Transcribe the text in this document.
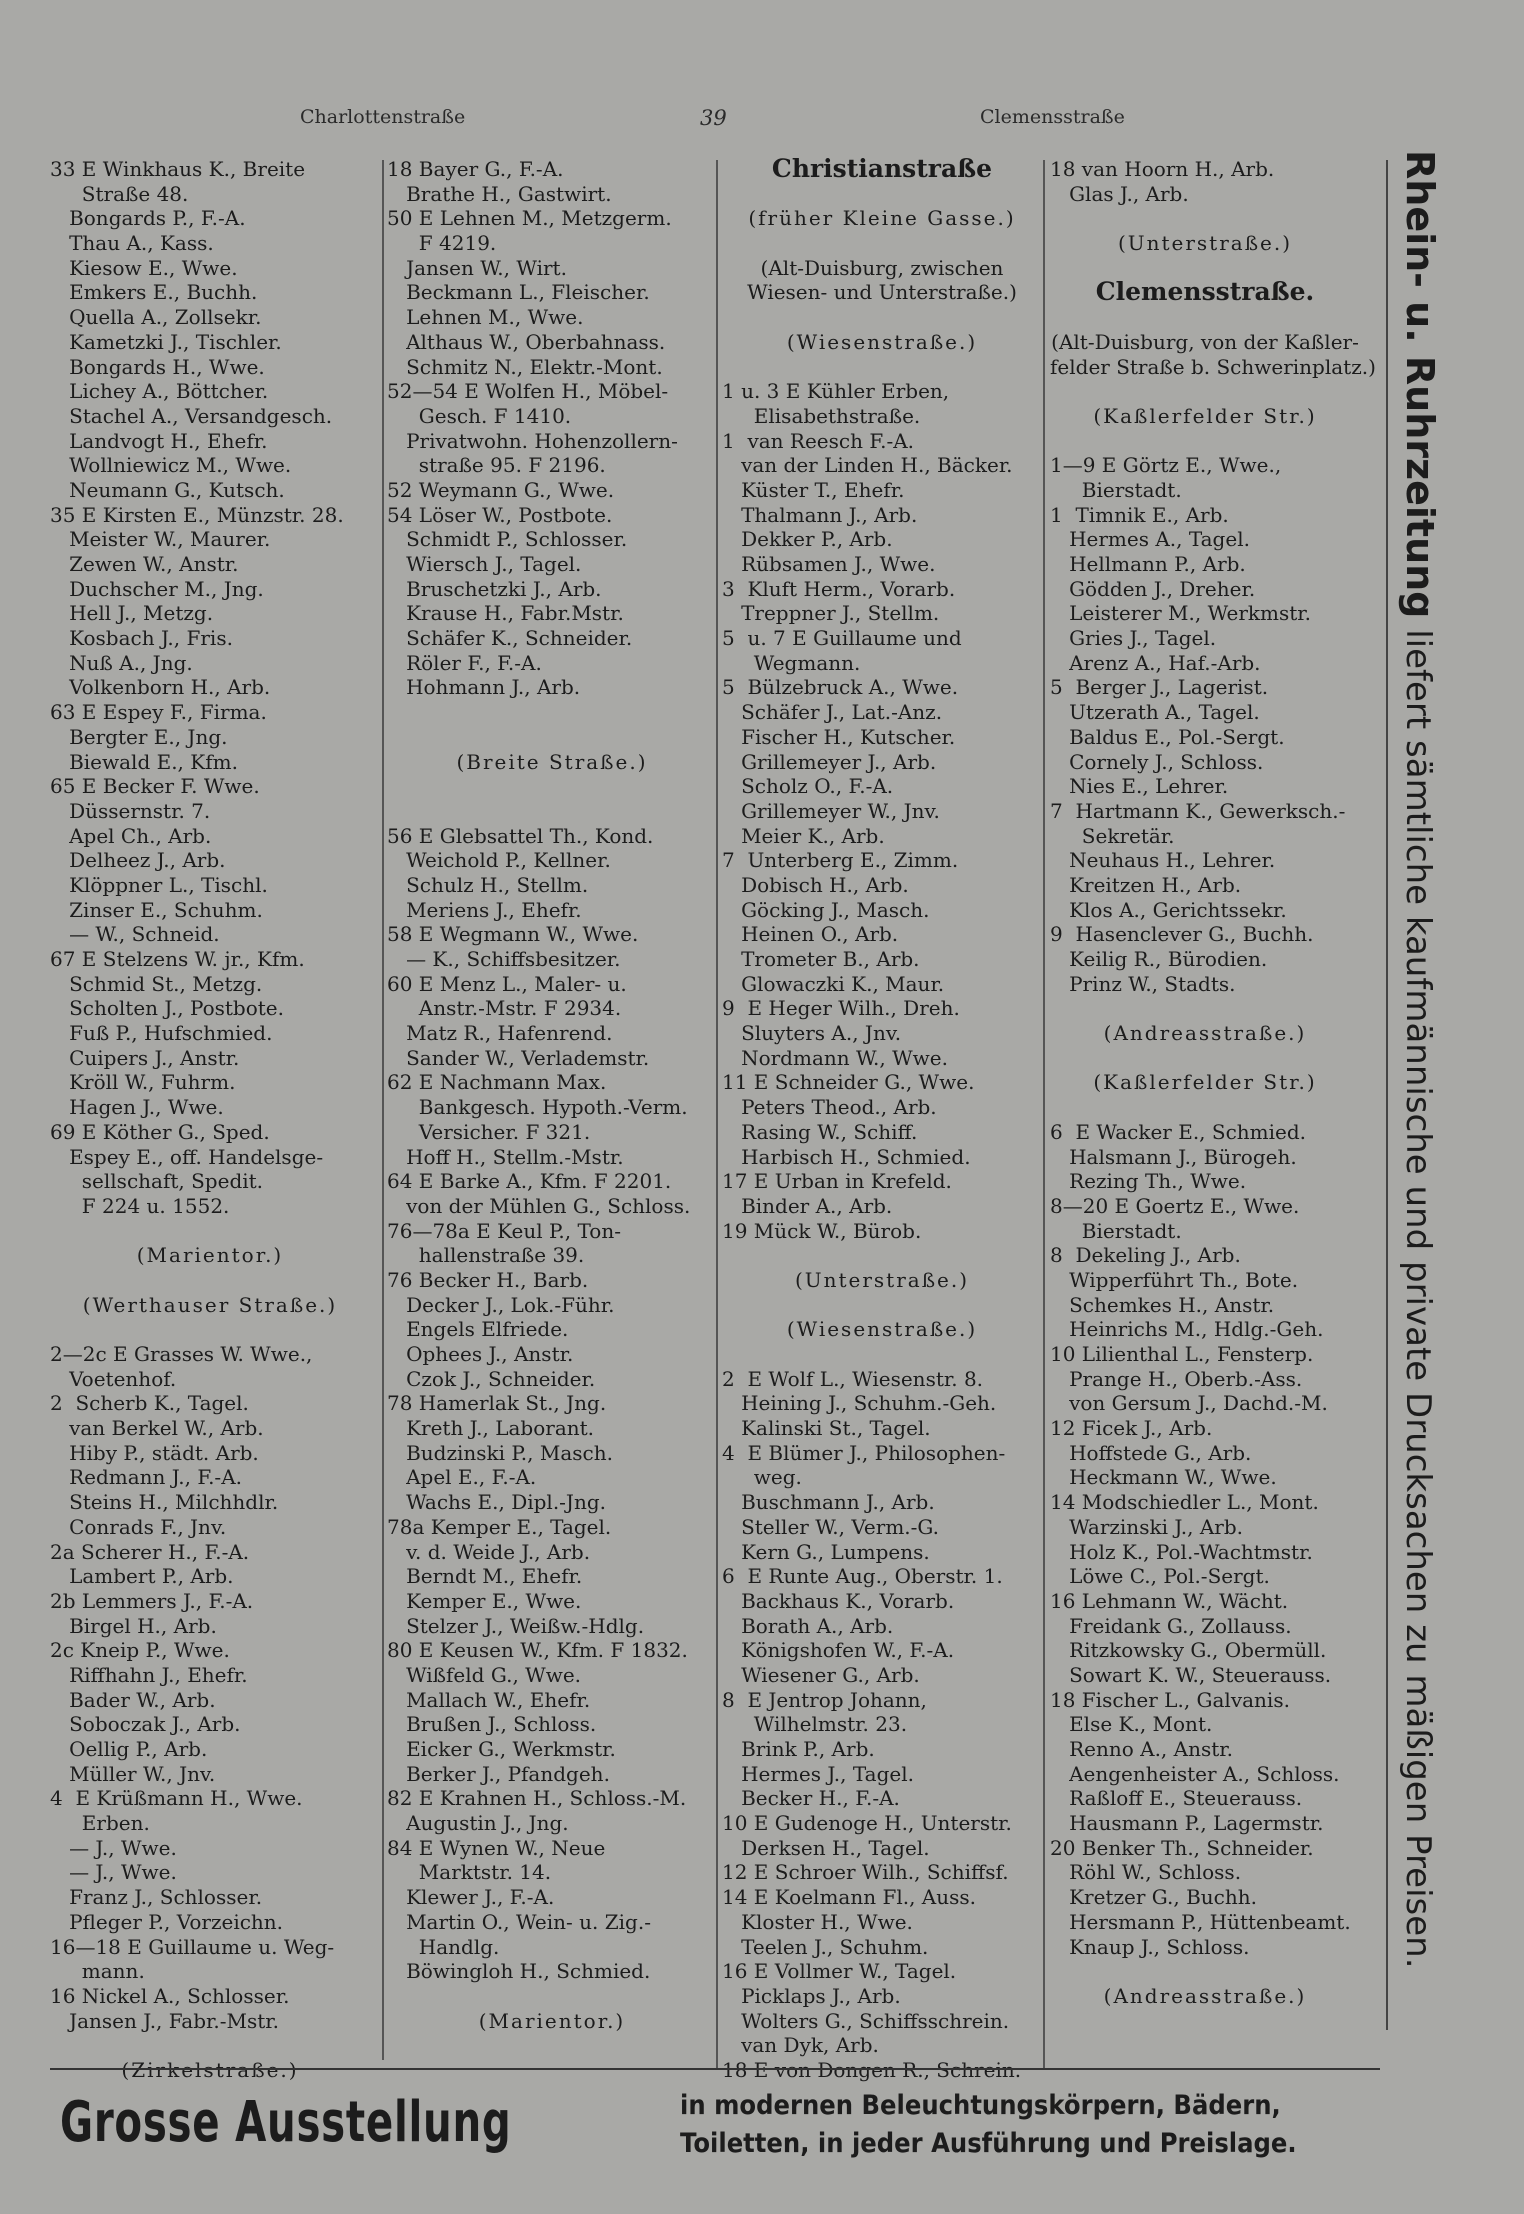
Charlottenstraße	39	Clemensstraße
33 E Winkhaus K., Breite
Straße 48.
Bongards P., F.-A.
Thau A., Kass.
Kiesow E., Wwe.
Emkers E., Buchh.
Quella A., Zollsekr.
Kametzki J., Tischler.
Bongards H., Wwe.
Lichey A., Böttcher.
Stachel A., Versandgesch.
Landvogt H., Ehefr.
Wollniewicz M., Wwe.
Neumann G., Kutsch.
35 E Kirsten E., Münzstr. 28.
Meister W., Maurer.
Zewen W., Anstr.
Duchscher M., Jng.
Hell J., Metzg.
Kosbach J., Fris.
Nuß A., Jng.
Volkenborn H., Arb.
63 E Espey F., Firma.
Bergter E., Jng.
Biewald E., Kfm.
65 E Becker F. Wwe.
Düssernstr. 7.
Apel Ch., Arb.
Delheez J., Arb.
Klöppner L., Tischl.
Zinser E., Schuhm.
— W., Schneid.
67 E Stelzens W. jr., Kfm.
Schmid St., Metzg.
Scholten J., Postbote.
Fuß P., Hufschmied.
Cuipers J., Anstr.
Kröll W., Fuhrm.
Hagen J., Wwe.
69 E Köther G., Sped.
Espey E., off. Handelsge-
sellschaft, Spedit.
F 224 u. 1552.
(Marientor.)
(Werthauser Straße.)
2—2c E Grasses W. Wwe.,
Voetenhof.
2  Scherb K., Tagel.
van Berkel W., Arb.
Hiby P., städt. Arb.
Redmann J., F.-A.
Steins H., Milchhdlr.
Conrads F., Jnv.
2a Scherer H., F.-A.
Lambert P., Arb.
2b Lemmers J., F.-A.
Birgel H., Arb.
2c Kneip P., Wwe.
Riffhahn J., Ehefr.
Bader W., Arb.
Soboczak J., Arb.
Oellig P., Arb.
Müller W., Jnv.
4  E Krüßmann H., Wwe.
Erben.
— J., Wwe.
— J., Wwe.
Franz J., Schlosser.
Pfleger P., Vorzeichn.
16—18 E Guillaume u. Weg-
mann.
16 Nickel A., Schlosser.
Jansen J., Fabr.-Mstr.
(Zirkelstraße.)
18 Bayer G., F.-A.
Brathe H., Gastwirt.
50 E Lehnen M., Metzgerm.
F 4219.
Jansen W., Wirt.
Beckmann L., Fleischer.
Lehnen M., Wwe.
Althaus W., Oberbahnass.
Schmitz N., Elektr.-Mont.
52—54 E Wolfen H., Möbel-
Gesch. F 1410.
Privatwohn. Hohenzollern-
straße 95. F 2196.
52 Weymann G., Wwe.
54 Löser W., Postbote.
Schmidt P., Schlosser.
Wiersch J., Tagel.
Bruschetzki J., Arb.
Krause H., Fabr.Mstr.
Schäfer K., Schneider.
Röler F., F.-A.
Hohmann J., Arb.
(Breite Straße.)
56 E Glebsattel Th., Kond.
Weichold P., Kellner.
Schulz H., Stellm.
Meriens J., Ehefr.
58 E Wegmann W., Wwe.
— K., Schiffsbesitzer.
60 E Menz L., Maler- u.
Anstr.-Mstr. F 2934.
Matz R., Hafenrend.
Sander W., Verlademstr.
62 E Nachmann Max.
Bankgesch. Hypoth.-Verm.
Versicher. F 321.
Hoff H., Stellm.-Mstr.
64 E Barke A., Kfm. F 2201.
von der Mühlen G., Schloss.
76—78a E Keul P., Ton-
hallenstraße 39.
76 Becker H., Barb.
Decker J., Lok.-Führ.
Engels Elfriede.
Ophees J., Anstr.
Czok J., Schneider.
78 Hamerlak St., Jng.
Kreth J., Laborant.
Budzinski P., Masch.
Apel E., F.-A.
Wachs E., Dipl.-Jng.
78a Kemper E., Tagel.
v. d. Weide J., Arb.
Berndt M., Ehefr.
Kemper E., Wwe.
Stelzer J., Weißw.-Hdlg.
80 E Keusen W., Kfm. F 1832.
Wißfeld G., Wwe.
Mallach W., Ehefr.
Brußen J., Schloss.
Eicker G., Werkmstr.
Berker J., Pfandgeh.
82 E Krahnen H., Schloss.-M.
Augustin J., Jng.
84 E Wynen W., Neue
Marktstr. 14.
Klewer J., F.-A.
Martin O., Wein- u. Zig.-
Handlg.
Böwingloh H., Schmied.
(Marientor.)
Christianstraße
(früher Kleine Gasse.)
(Alt-Duisburg, zwischen
Wiesen- und Unterstraße.)
(Wiesenstraße.)
1 u. 3 E Kühler Erben,
Elisabethstraße.
1  van Reesch F.-A.
van der Linden H., Bäcker.
Küster T., Ehefr.
Thalmann J., Arb.
Dekker P., Arb.
Rübsamen J., Wwe.
3  Kluft Herm., Vorarb.
Treppner J., Stellm.
5  u. 7 E Guillaume und
Wegmann.
5  Bülzebruck A., Wwe.
Schäfer J., Lat.-Anz.
Fischer H., Kutscher.
Grillemeyer J., Arb.
Scholz O., F.-A.
Grillemeyer W., Jnv.
Meier K., Arb.
7  Unterberg E., Zimm.
Dobisch H., Arb.
Göcking J., Masch.
Heinen O., Arb.
Trometer B., Arb.
Glowaczki K., Maur.
9  E Heger Wilh., Dreh.
Sluyters A., Jnv.
Nordmann W., Wwe.
11 E Schneider G., Wwe.
Peters Theod., Arb.
Rasing W., Schiff.
Harbisch H., Schmied.
17 E Urban in Krefeld.
Binder A., Arb.
19 Mück W., Bürob.
(Unterstraße.)
(Wiesenstraße.)
2  E Wolf L., Wiesenstr. 8.
Heining J., Schuhm.-Geh.
Kalinski St., Tagel.
4  E Blümer J., Philosophen-
weg.
Buschmann J., Arb.
Steller W., Verm.-G.
Kern G., Lumpens.
6  E Runte Aug., Oberstr. 1.
Backhaus K., Vorarb.
Borath A., Arb.
Königshofen W., F.-A.
Wiesener G., Arb.
8  E Jentrop Johann,
Wilhelmstr. 23.
Brink P., Arb.
Hermes J., Tagel.
Becker H., F.-A.
10 E Gudenoge H., Unterstr.
Derksen H., Tagel.
12 E Schroer Wilh., Schiffsf.
14 E Koelmann Fl., Auss.
Kloster H., Wwe.
Teelen J., Schuhm.
16 E Vollmer W., Tagel.
Picklaps J., Arb.
Wolters G., Schiffsschrein.
van Dyk, Arb.
18 E von Dongen R., Schrein.
18 van Hoorn H., Arb.
Glas J., Arb.
(Unterstraße.)
Clemensstraße.
(Alt-Duisburg, von der Kaßler-
felder Straße b. Schwerinplatz.)
(Kaßlerfelder Str.)
1—9 E Görtz E., Wwe.,
Bierstadt.
1  Timnik E., Arb.
Hermes A., Tagel.
Hellmann P., Arb.
Gödden J., Dreher.
Leisterer M., Werkmstr.
Gries J., Tagel.
Arenz A., Haf.-Arb.
5  Berger J., Lagerist.
Utzerath A., Tagel.
Baldus E., Pol.-Sergt.
Cornely J., Schloss.
Nies E., Lehrer.
7  Hartmann K., Gewerksch.-
Sekretär.
Neuhaus H., Lehrer.
Kreitzen H., Arb.
Klos A., Gerichtssekr.
9  Hasenclever G., Buchh.
Keilig R., Bürodien.
Prinz W., Stadts.
(Andreasstraße.)
(Kaßlerfelder Str.)
6  E Wacker E., Schmied.
Halsmann J., Bürogeh.
Rezing Th., Wwe.
8—20 E Goertz E., Wwe.
Bierstadt.
8  Dekeling J., Arb.
Wipperführt Th., Bote.
Schemkes H., Anstr.
Heinrichs M., Hdlg.-Geh.
10 Lilienthal L., Fensterp.
Prange H., Oberb.-Ass.
von Gersum J., Dachd.-M.
12 Ficek J., Arb.
Hoffstede G., Arb.
Heckmann W., Wwe.
14 Modschiedler L., Mont.
Warzinski J., Arb.
Holz K., Pol.-Wachtmstr.
Löwe C., Pol.-Sergt.
16 Lehmann W., Wächt.
Freidank G., Zollauss.
Ritzkowsky G., Obermüll.
Sowart K. W., Steuerauss.
18 Fischer L., Galvanis.
Else K., Mont.
Renno A., Anstr.
Aengenheister A., Schloss.
Raßloff E., Steuerauss.
Hausmann P., Lagermstr.
20 Benker Th., Schneider.
Röhl W., Schloss.
Kretzer G., Buchh.
Hersmann P., Hüttenbeamt.
Knaup J., Schloss.
(Andreasstraße.)
Rhein- u. Ruhrzeitung liefert sämtliche kaufmännische und private Drucksachen zu mäßigen Preisen.
Grosse Ausstellung	in modernen Beleuchtungskörpern, Bädern,
Toiletten, in jeder Ausführung und Preislage.
